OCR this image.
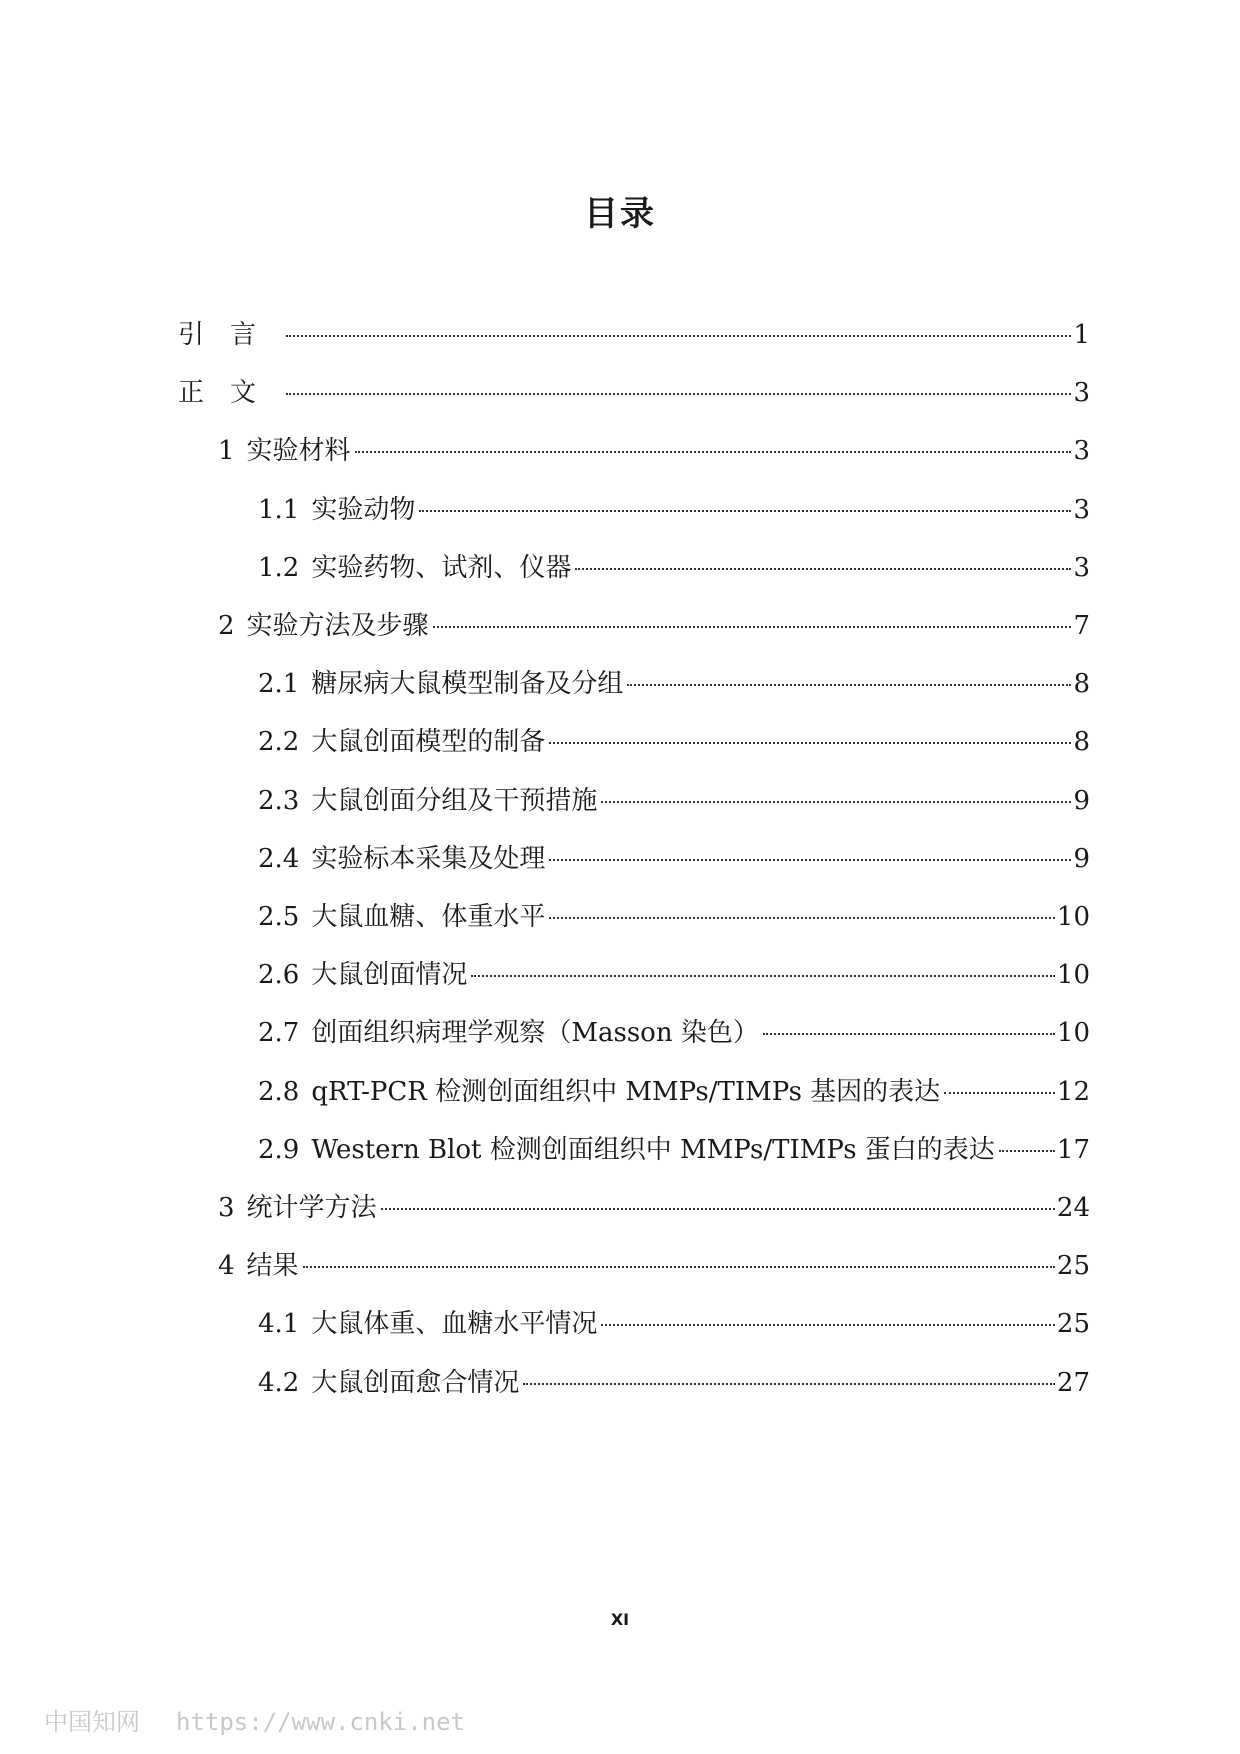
目录
引言	1
正文	3
1 实验材料	3
1.1 实验动物	3
1.2 实验药物、试剂、仪器	3
2 实验方法及步骤	7
2.1 糖尿病大鼠模型制备及分组	8
2.2 大鼠创面模型的制备	8
2.3 大鼠创面分组及干预措施	9
2.4 实验标本采集及处理	9
2.5 大鼠血糖、体重水平	10
2.6 大鼠创面情况	10
2.7 创面组织病理学观察（Masson 染色）	10
2.8 qRT-PCR 检测创面组织中 MMPs/TIMPs 基因的表达	12
2.9 Western Blot 检测创面组织中 MMPs/TIMPs 蛋白的表达 17
3 统计学方法	24
4 结果	25
4.1 大鼠体重、血糖水平情况	25
4.2 大鼠创面愈合情况	27
XI
中国知网 https://www.cnki.net
